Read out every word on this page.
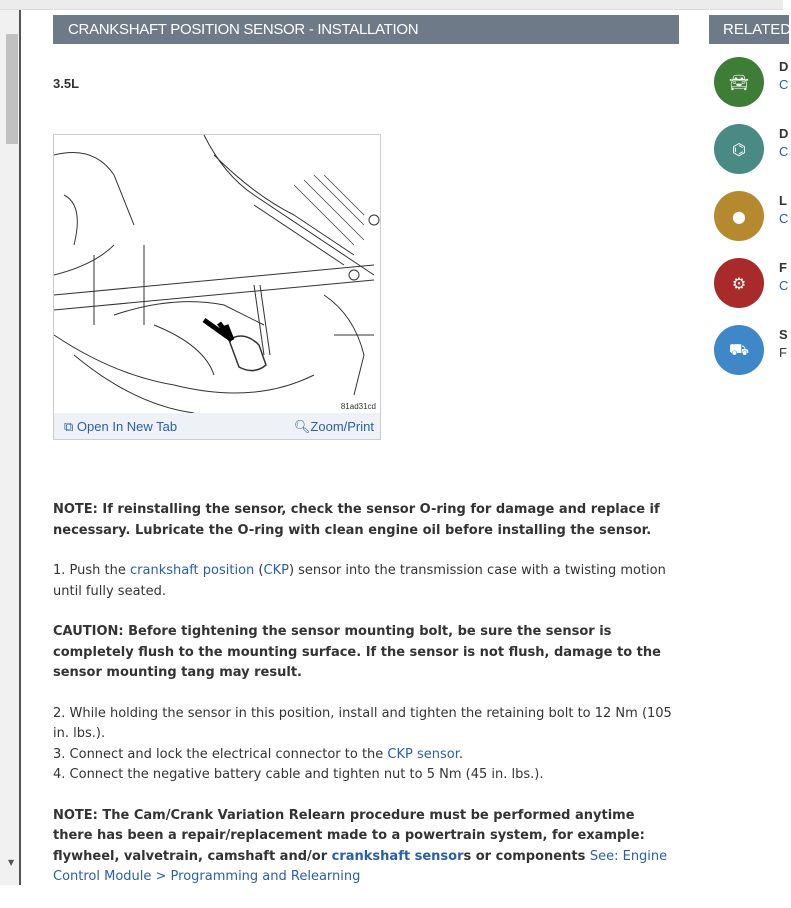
▼
CRANKSHAFT POSITION SENSOR - INSTALLATION
3.5L
81ad31cd
⧉ Open In New Tab	🔍︎Zoom/Print

NOTE: If reinstalling the sensor, check the sensor O-ring for damage and replace if necessary. Lubricate the O-ring with clean engine oil before installing the sensor.

1. Push the crankshaft position (CKP) sensor into the transmission case with a twisting motion until fully seated.

CAUTION: Before tightening the sensor mounting bolt, be sure the sensor is completely flush to the mounting surface. If the sensor is not flush, damage to the sensor mounting tang may result.

2. While holding the sensor in this position, install and tighten the retaining bolt to 12 Nm (105 in. lbs.).

3. Connect and lock the electrical connector to the CKP sensor.

4. Connect the negative battery cable and tighten nut to 5 Nm (45 in. lbs.).

NOTE: The Cam/Crank Variation Relearn procedure must be performed anytime there has been a repair/replacement made to a powertrain system, for example: flywheel, valvetrain, camshaft and/or crankshaft sensors or components See: Engine Control Module > Programming and Relearning

RELATED
🚘︎
D
C
⌬
D
C
●
L
C
⚙
F
C
⛟
S
F
